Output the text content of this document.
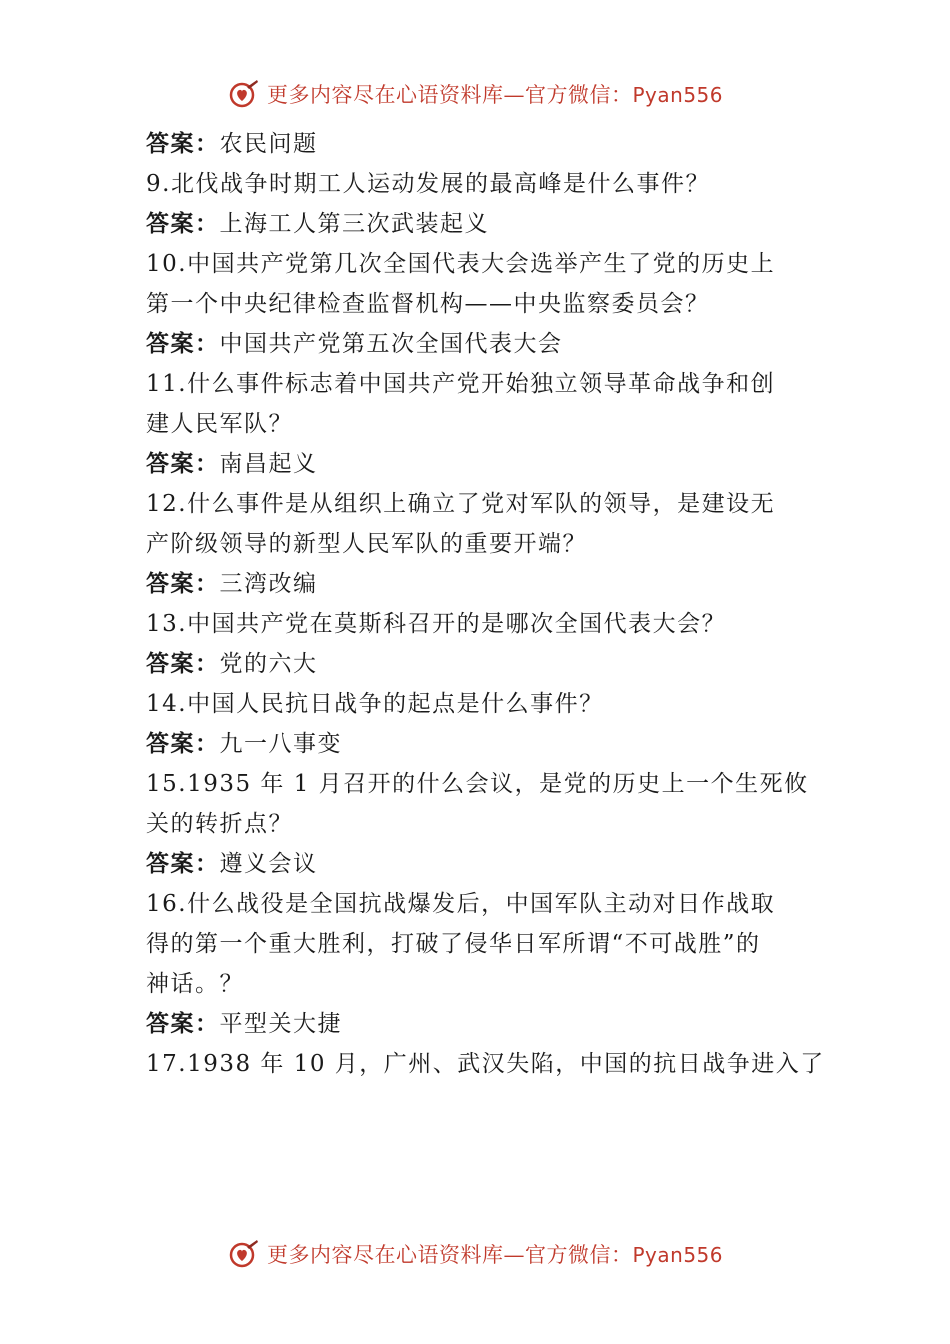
更多内容尽在心语资料库—官方微信：Pyan556
答案：农民问题
9.北伐战争时期工人运动发展的最高峰是什么事件？
答案：上海工人第三次武装起义
10.中国共产党第几次全国代表大会选举产生了党的历史上
第一个中央纪律检查监督机构——中央监察委员会？
答案：中国共产党第五次全国代表大会
11.什么事件标志着中国共产党开始独立领导革命战争和创
建人民军队？
答案：南昌起义
12.什么事件是从组织上确立了党对军队的领导，是建设无
产阶级领导的新型人民军队的重要开端？
答案：三湾改编
13.中国共产党在莫斯科召开的是哪次全国代表大会？
答案：党的六大
14.中国人民抗日战争的起点是什么事件？
答案：九一八事变
15.1935 年 1 月召开的什么会议，是党的历史上一个生死攸
关的转折点？
答案：遵义会议
16.什么战役是全国抗战爆发后，中国军队主动对日作战取
得的第一个重大胜利，打破了侵华日军所谓“不可战胜”的
神话。？
答案：平型关大捷
17.1938 年 10 月，广州、武汉失陷，中国的抗日战争进入了
更多内容尽在心语资料库—官方微信：Pyan556
